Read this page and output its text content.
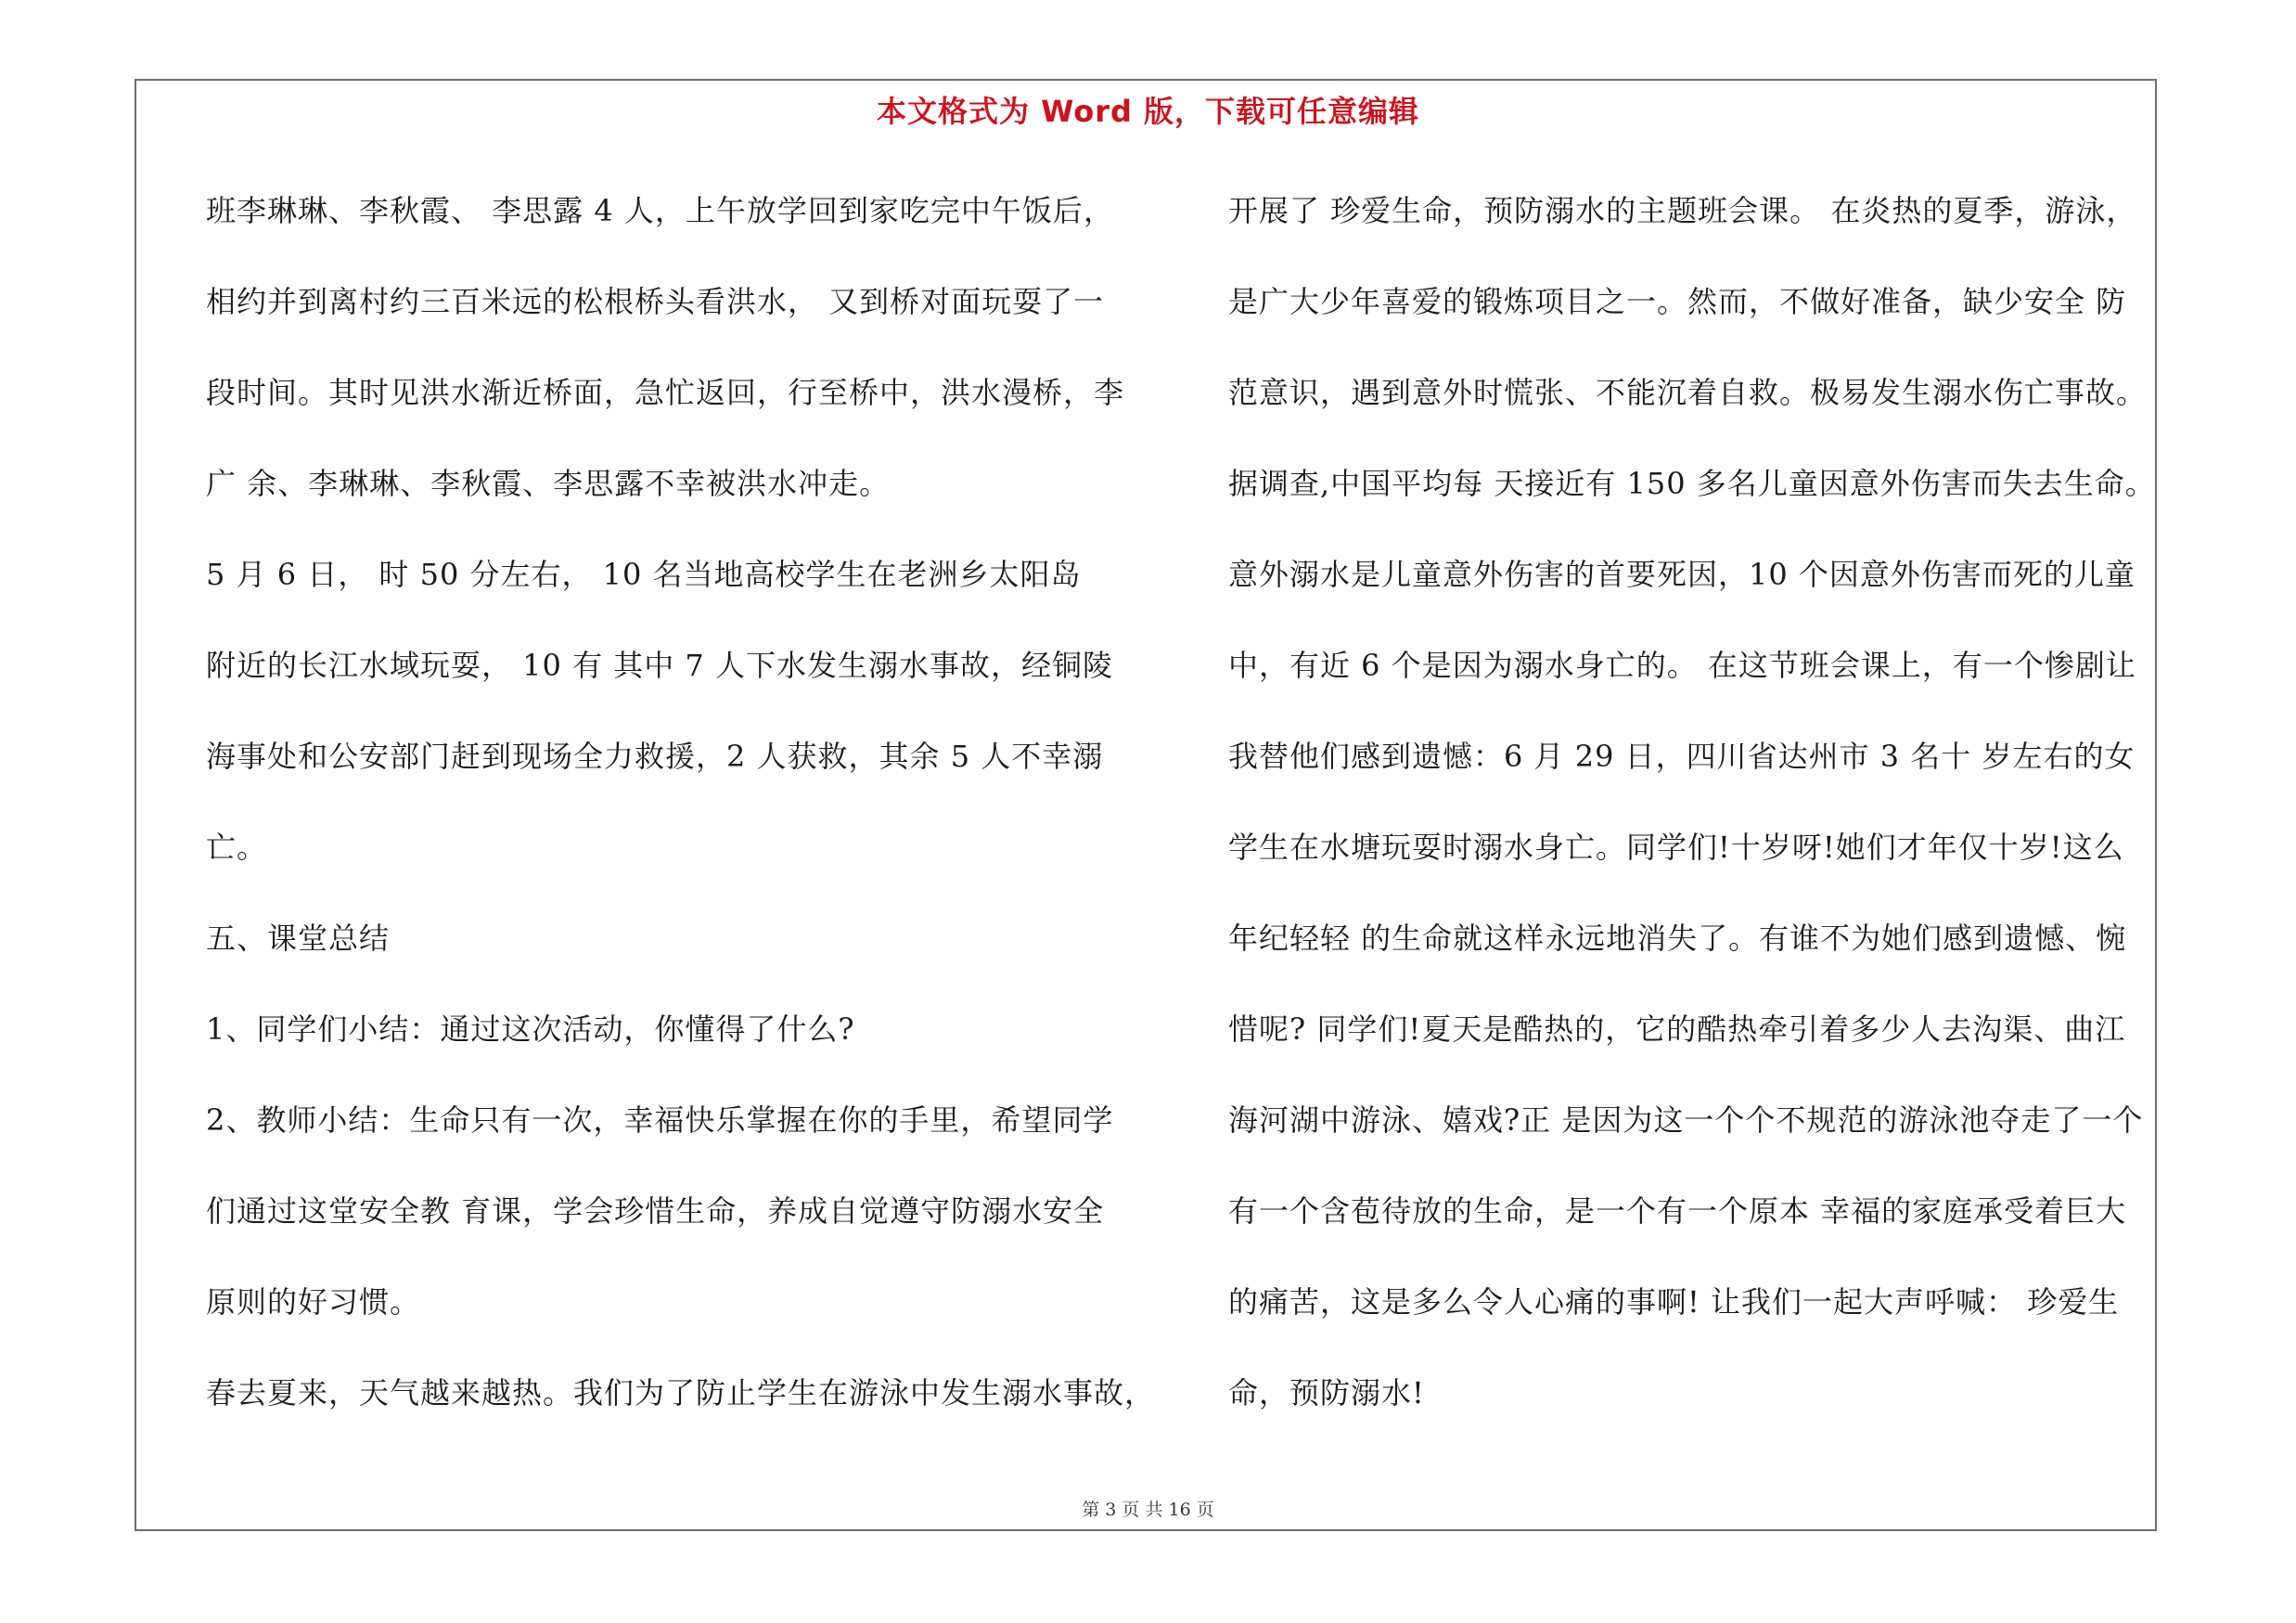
本文格式为 Word 版，下载可任意编辑
班李琳琳、李秋霞、 李思露 4 人，上午放学回到家吃完中午饭后，
相约并到离村约三百米远的松根桥头看洪水， 又到桥对面玩耍了一
段时间。其时见洪水渐近桥面，急忙返回，行至桥中，洪水漫桥，李
广 余、李琳琳、李秋霞、李思露不幸被洪水冲走。
5 月 6 日， 时 50 分左右， 10 名当地高校学生在老洲乡太阳岛
附近的长江水域玩耍， 10 有 其中 7 人下水发生溺水事故，经铜陵
海事处和公安部门赶到现场全力救援，2 人获救，其余 5 人不幸溺
亡。
五、课堂总结
1、同学们小结：通过这次活动，你懂得了什么?
2、教师小结：生命只有一次，幸福快乐掌握在你的手里，希望同学
们通过这堂安全教 育课，学会珍惜生命，养成自觉遵守防溺水安全
原则的好习惯。
春去夏来，天气越来越热。我们为了防止学生在游泳中发生溺水事故，
开展了 珍爱生命，预防溺水的主题班会课。 在炎热的夏季，游泳，
是广大少年喜爱的锻炼项目之一。然而，不做好准备，缺少安全 防
范意识，遇到意外时慌张、不能沉着自救。极易发生溺水伤亡事故。
据调查,中国平均每 天接近有 150 多名儿童因意外伤害而失去生命。
意外溺水是儿童意外伤害的首要死因，10 个因意外伤害而死的儿童
中，有近 6 个是因为溺水身亡的。 在这节班会课上，有一个惨剧让
我替他们感到遗憾：6 月 29 日，四川省达州市 3 名十 岁左右的女
学生在水塘玩耍时溺水身亡。同学们!十岁呀!她们才年仅十岁!这么
年纪轻轻 的生命就这样永远地消失了。有谁不为她们感到遗憾、惋
惜呢? 同学们!夏天是酷热的，它的酷热牵引着多少人去沟渠、曲江
海河湖中游泳、嬉戏?正 是因为这一个个不规范的游泳池夺走了一个
有一个含苞待放的生命，是一个有一个原本 幸福的家庭承受着巨大
的痛苦，这是多么令人心痛的事啊! 让我们一起大声呼喊： 珍爱生
命，预防溺水!
第 3 页 共 16 页
